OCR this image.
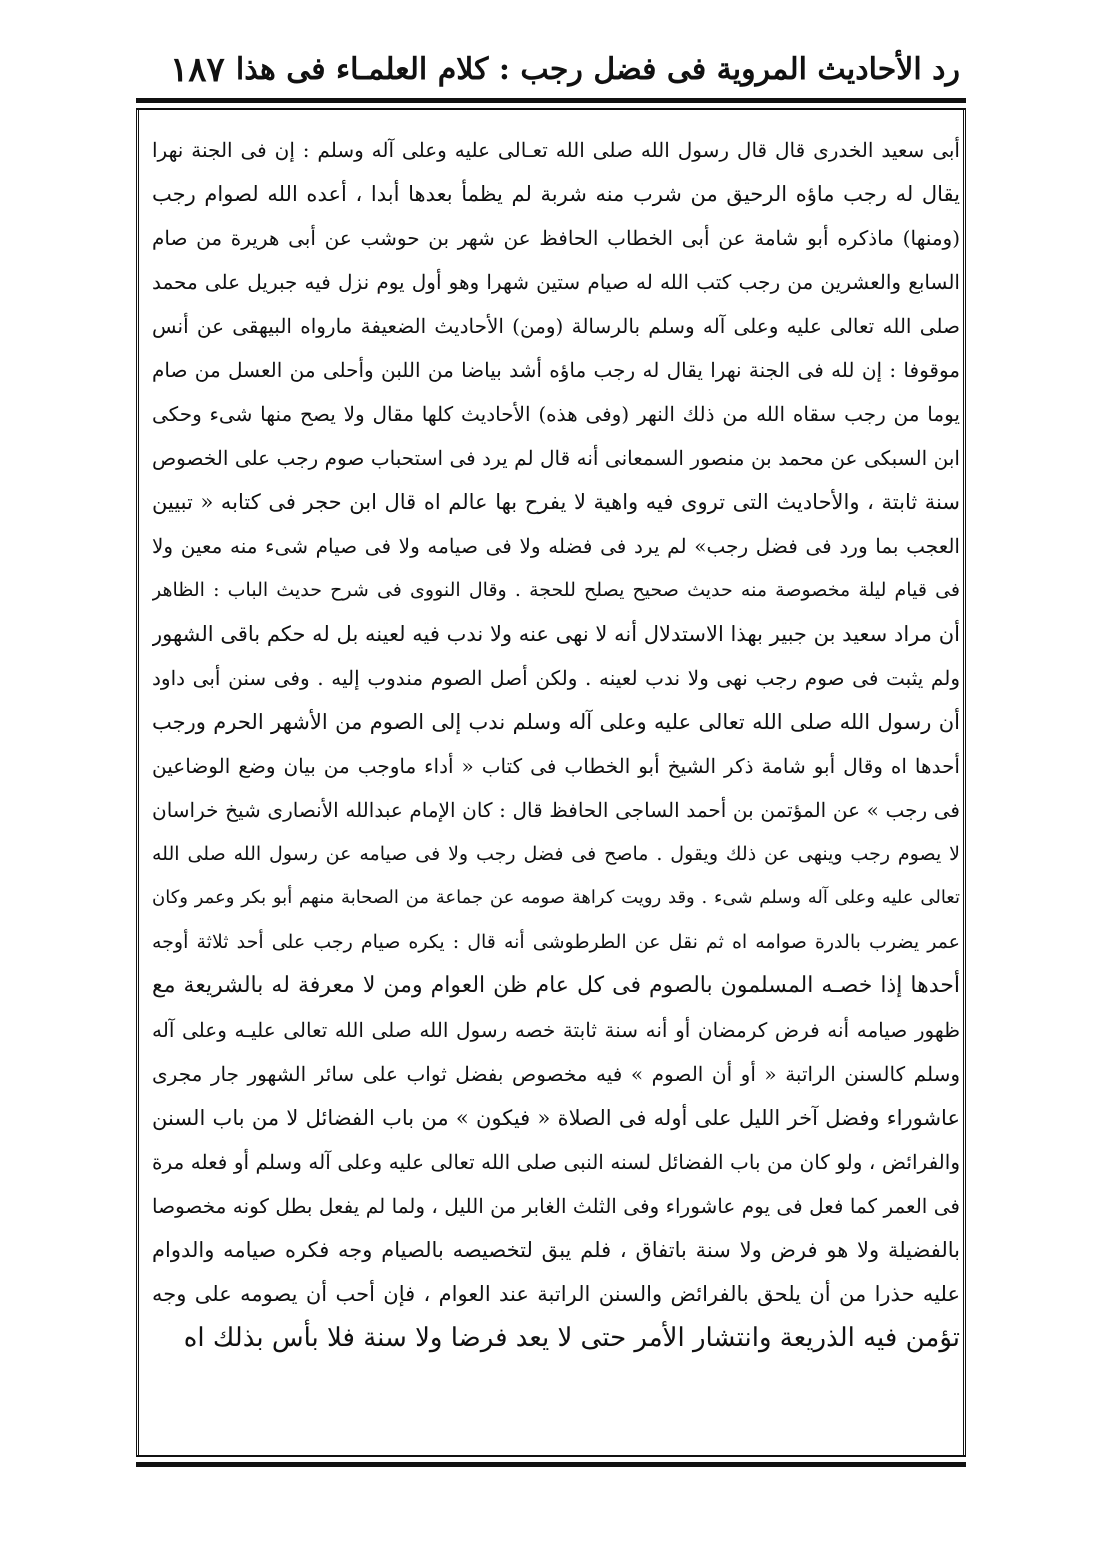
١٨٧ رد الأحاديث المروية فى فضل رجب : كلام العلمـاء فى هذا
أبى سعيد الخدرى قال قال رسول الله صلى الله تعـالى عليه وعلى آله وسلم : إن فى الجنة نهرا
يقال له رجب ماؤه الرحيق من شرب منه شربة لم يظمأ بعدها أبدا ، أعده الله لصوام رجب
(ومنها) ماذكره أبو شامة عن أبى الخطاب الحافظ عن شهر بن حوشب عن أبى هريرة من صام
السابع والعشرين من رجب كتب الله له صيام ستين شهرا وهو أول يوم نزل فيه جبريل على محمد
صلى الله تعالى عليه وعلى آله وسلم بالرسالة (ومن) الأحاديث الضعيفة مارواه البيهقى عن أنس
موقوفا : إن لله فى الجنة نهرا يقال له رجب ماؤه أشد بياضا من اللبن وأحلى من العسل من صام
يوما من رجب سقاه الله من ذلك النهر (وفى هذه) الأحاديث كلها مقال ولا يصح منها شىء وحكى
ابن السبكى عن محمد بن منصور السمعانى أنه قال لم يرد فى استحباب صوم رجب على الخصوص
سنة ثابتة ، والأحاديث التى تروى فيه واهية لا يفرح بها عالم اه قال ابن حجر فى كتابه « تبيين
العجب بما ورد فى فضل رجب» لم يرد فى فضله ولا فى صيامه ولا فى صيام شىء منه معين ولا
فى قيام ليلة مخصوصة منه حديث صحيح يصلح للحجة . وقال النووى فى شرح حديث الباب : الظاهر
أن مراد سعيد بن جبير بهذا الاستدلال أنه لا نهى عنه ولا ندب فيه لعينه بل له حكم باقى الشهور
ولم يثبت فى صوم رجب نهى ولا ندب لعينه . ولكن أصل الصوم مندوب إليه . وفى سنن أبى داود
أن رسول الله صلى الله تعالى عليه وعلى آله وسلم ندب إلى الصوم من الأشهر الحرم ورجب
أحدها اه وقال أبو شامة ذكر الشيخ أبو الخطاب فى كتاب « أداء ماوجب من بيان وضع الوضاعين
فى رجب » عن المؤتمن بن أحمد الساجى الحافظ قال : كان الإمام عبدالله الأنصارى شيخ خراسان
لا يصوم رجب وينهى عن ذلك ويقول . ماصح فى فضل رجب ولا فى صيامه عن رسول الله صلى الله
تعالى عليه وعلى آله وسلم شىء . وقد رويت كراهة صومه عن جماعة من الصحابة منهم أبو بكر وعمر وكان
عمر يضرب بالدرة صوامه اه ثم نقل عن الطرطوشى أنه قال : يكره صيام رجب على أحد ثلاثة أوجه
أحدها إذا خصـه المسلمون بالصوم فى كل عام ظن العوام ومن لا معرفة له بالشريعة مع
ظهور صيامه أنه فرض كرمضان أو أنه سنة ثابتة خصه رسول الله صلى الله تعالى عليـه وعلى آله
وسلم كالسنن الراتبة « أو أن الصوم » فيه مخصوص بفضل ثواب على سائر الشهور جار مجرى
عاشوراء وفضل آخر الليل على أوله فى الصلاة « فيكون » من باب الفضائل لا من باب السنن
والفرائض ، ولو كان من باب الفضائل لسنه النبى صلى الله تعالى عليه وعلى آله وسلم أو فعله مرة
فى العمر كما فعل فى يوم عاشوراء وفى الثلث الغابر من الليل ، ولما لم يفعل بطل كونه مخصوصا
بالفضيلة ولا هو فرض ولا سنة باتفاق ، فلم يبق لتخصيصه بالصيام وجه فكره صيامه والدوام
عليه حذرا من أن يلحق بالفرائض والسنن الراتبة عند العوام ، فإن أحب أن يصومه على وجه
تؤمن فيه الذريعة وانتشار الأمر حتى لا يعد فرضا ولا سنة فلا بأس بذلك اه
